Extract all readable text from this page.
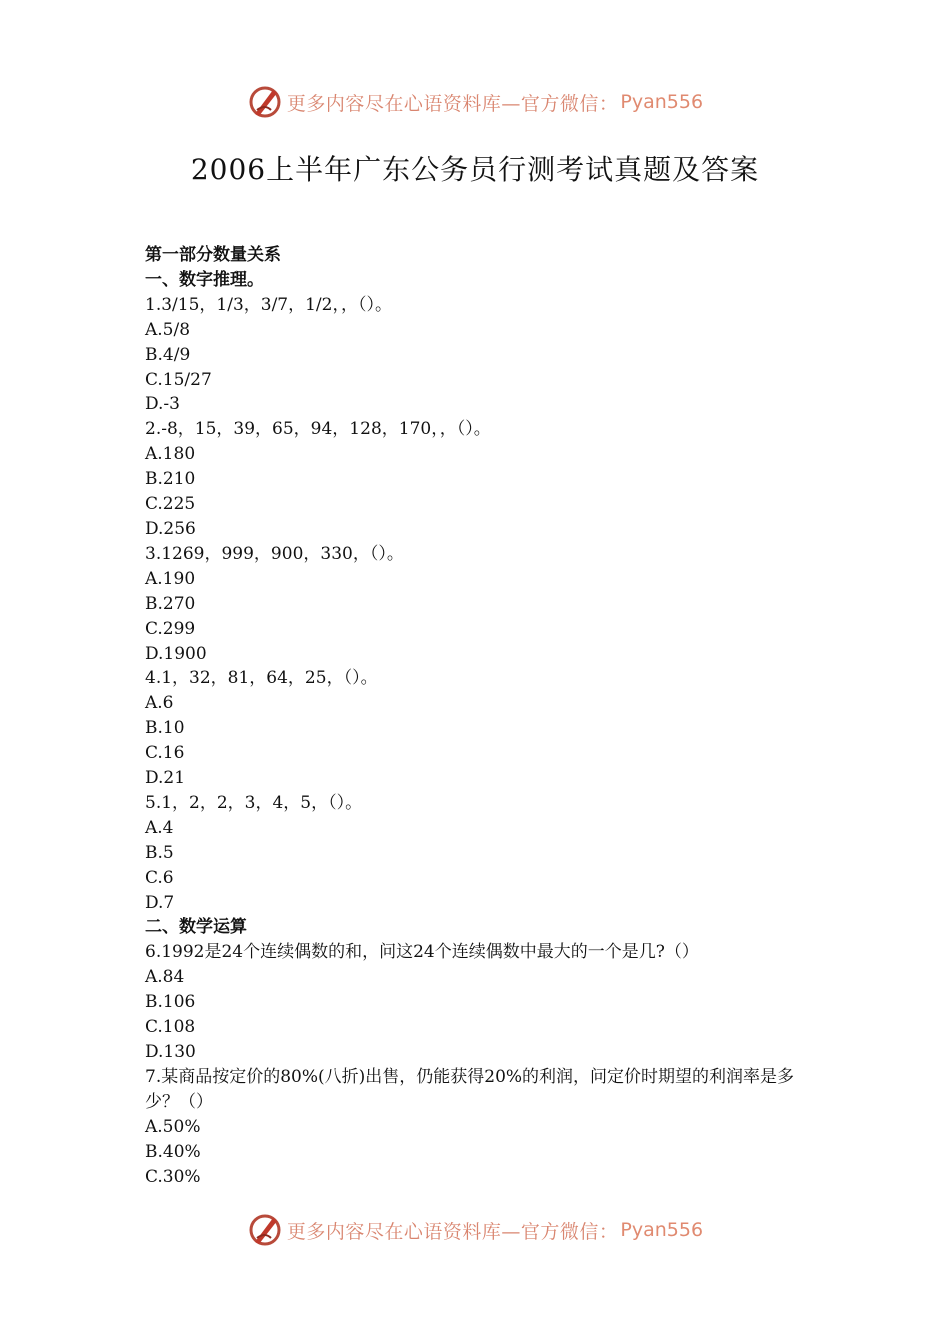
更多内容尽在心语资料库—官方微信： Pyan556
2006上半年广东公务员行测考试真题及答案
第一部分数量关系
一、数字推理。
1.3/15，1/3，3/7，1/2，，（）。
A.5/8
B.4/9
C.15/27
D.-3
2.-8，15，39，65，94，128，170，，（）。
A.180
B.210
C.225
D.256
3.1269，999，900，330，（）。
A.190
B.270
C.299
D.1900
4.1，32，81，64，25，（）。
A.6
B.10
C.16
D.21
5.1，2，2，3，4，5，（）。
A.4
B.5
C.6
D.7
二、数学运算
6.1992是24个连续偶数的和，问这24个连续偶数中最大的一个是几?（）
A.84
B.106
C.108
D.130
7.某商品按定价的80%(八折)出售，仍能获得20%的利润，问定价时期望的利润率是多少？（）
A.50%
B.40%
C.30%
更多内容尽在心语资料库—官方微信： Pyan556
